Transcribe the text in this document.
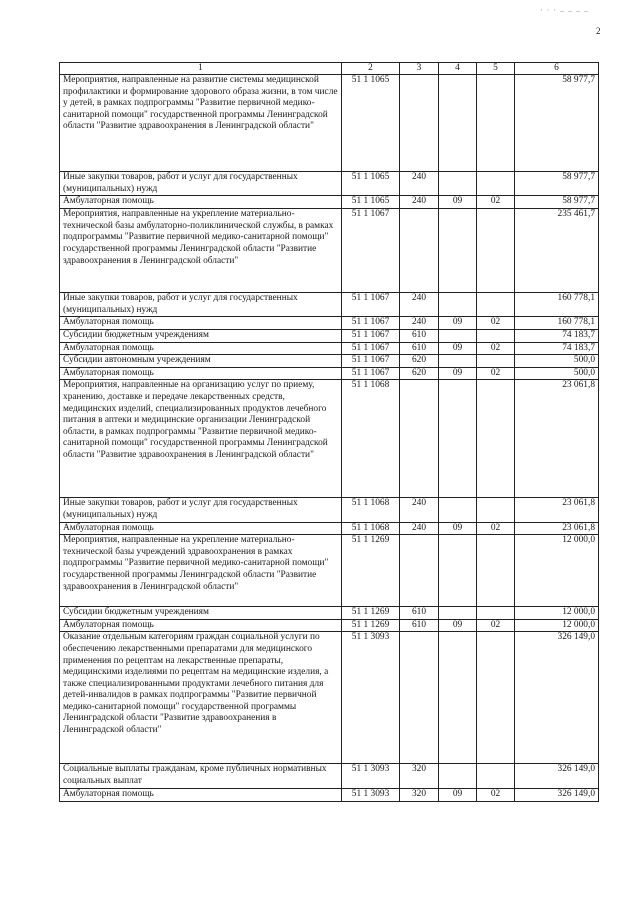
· · · – – – –
2
1	2	3	4	5	6
Мероприятия, направленные на развитие системы медицинской профилактики и формирование здорового образа жизни, в том числе у детей, в рамках подпрограммы "Развитие первичной медико-санитарной помощи" государственной программы Ленинградской области "Развитие здравоохранения в Ленинградской области"	51 1 1065				58 977,7
Иные закупки товаров, работ и услуг для государственных (муниципальных) нужд	51 1 1065	240			58 977,7
Амбулаторная помощь	51 1 1065	240	09	02	58 977,7
Мероприятия, направленные на укрепление материально-технической базы амбулаторно-поликлинической службы, в рамках подпрограммы "Развитие первичной медико-санитарной помощи" государственной программы Ленинградской области "Развитие здравоохранения в Ленинградской области"	51 1 1067				235 461,7
Иные закупки товаров, работ и услуг для государственных (муниципальных) нужд	51 1 1067	240			160 778,1
Амбулаторная помощь	51 1 1067	240	09	02	160 778,1
Субсидии бюджетным учреждениям	51 1 1067	610			74 183,7
Амбулаторная помощь	51 1 1067	610	09	02	74 183,7
Субсидии автономным учреждениям	51 1 1067	620			500,0
Амбулаторная помощь	51 1 1067	620	09	02	500,0
Мероприятия, направленные на организацию услуг по приему, хранению, доставке и передаче лекарственных средств, медицинских изделий, специализированных продуктов лечебного питания в аптеки и медицинские организации Ленинградской области, в рамках подпрограммы "Развитие первичной медико-санитарной помощи" государственной программы Ленинградской области "Развитие здравоохранения в Ленинградской области"	51 1 1068				23 061,8
Иные закупки товаров, работ и услуг для государственных (муниципальных) нужд	51 1 1068	240			23 061,8
Амбулаторная помощь	51 1 1068	240	09	02	23 061,8
Мероприятия, направленные на укрепление материально-технической базы учреждений здравоохранения в рамках подпрограммы "Развитие первичной медико-санитарной помощи" государственной программы Ленинградской области "Развитие здравоохранения в Ленинградской области"	51 1 1269				12 000,0
Субсидии бюджетным учреждениям	51 1 1269	610			12 000,0
Амбулаторная помощь	51 1 1269	610	09	02	12 000,0
Оказание отдельным категориям граждан социальной услуги по обеспечению лекарственными препаратами для медицинского применения по рецептам на лекарственные препараты, медицинскими изделиями по рецептам на медицинские изделия, а также специализированными продуктами лечебного питания для детей-инвалидов в рамках подпрограммы "Развитие первичной медико-санитарной помощи" государственной программы Ленинградской области "Развитие здравоохранения в Ленинградской области"	51 1 3093				326 149,0
Социальные выплаты гражданам, кроме публичных нормативных социальных выплат	51 1 3093	320			326 149,0
Амбулаторная помощь	51 1 3093	320	09	02	326 149,0
